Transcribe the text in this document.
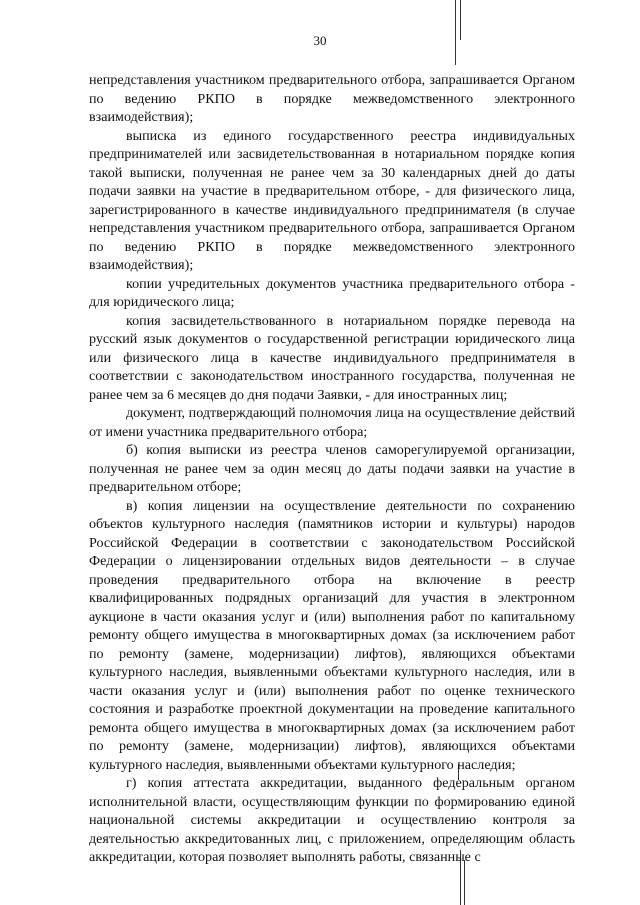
30

непредставления участником предварительного отбора, запрашивается Органом по ведению РКПО в порядке межведомственного электронного взаимодействия);

выписка из единого государственного реестра индивидуальных предпринимателей или засвидетельствованная в нотариальном порядке копия такой выписки, полученная не ранее чем за 30 календарных дней до даты подачи заявки на участие в предварительном отборе, - для физического лица, зарегистрированного в качестве индивидуального предпринимателя (в случае непредставления участником предварительного отбора, запрашивается Органом по ведению РКПО в порядке межведомственного электронного взаимодействия);

копии учредительных документов участника предварительного отбора - для юридического лица;

копия засвидетельствованного в нотариальном порядке перевода на русский язык документов о государственной регистрации юридического лица или физического лица в качестве индивидуального предпринимателя в соответствии с законодательством иностранного государства, полученная не ранее чем за 6 месяцев до дня подачи Заявки, - для иностранных лиц;

документ, подтверждающий полномочия лица на осуществление действий от имени участника предварительного отбора;

б) копия выписки из реестра членов саморегулируемой организации, полученная не ранее чем за один месяц до даты подачи заявки на участие в предварительном отборе;

в) копия лицензии на осуществление деятельности по сохранению объектов культурного наследия (памятников истории и культуры) народов Российской Федерации в соответствии с законодательством Российской Федерации о лицензировании отдельных видов деятельности – в случае проведения предварительного отбора на включение в реестр квалифицированных подрядных организаций для участия в электронном аукционе в части оказания услуг и (или) выполнения работ по капитальному ремонту общего имущества в многоквартирных домах (за исключением работ по ремонту (замене, модернизации) лифтов), являющихся объектами культурного наследия, выявленными объектами культурного наследия, или в части оказания услуг и (или) выполнения работ по оценке технического состояния и разработке проектной документации на проведение капитального ремонта общего имущества в многоквартирных домах (за исключением работ по ремонту (замене, модернизации) лифтов), являющихся объектами культурного наследия, выявленными объектами культурного наследия;

г) копия аттестата аккредитации, выданного федеральным органом исполнительной власти, осуществляющим функции по формированию единой национальной системы аккредитации и осуществлению контроля за деятельностью аккредитованных лиц, с приложением, определяющим область аккредитации, которая позволяет выполнять работы, связанные с
